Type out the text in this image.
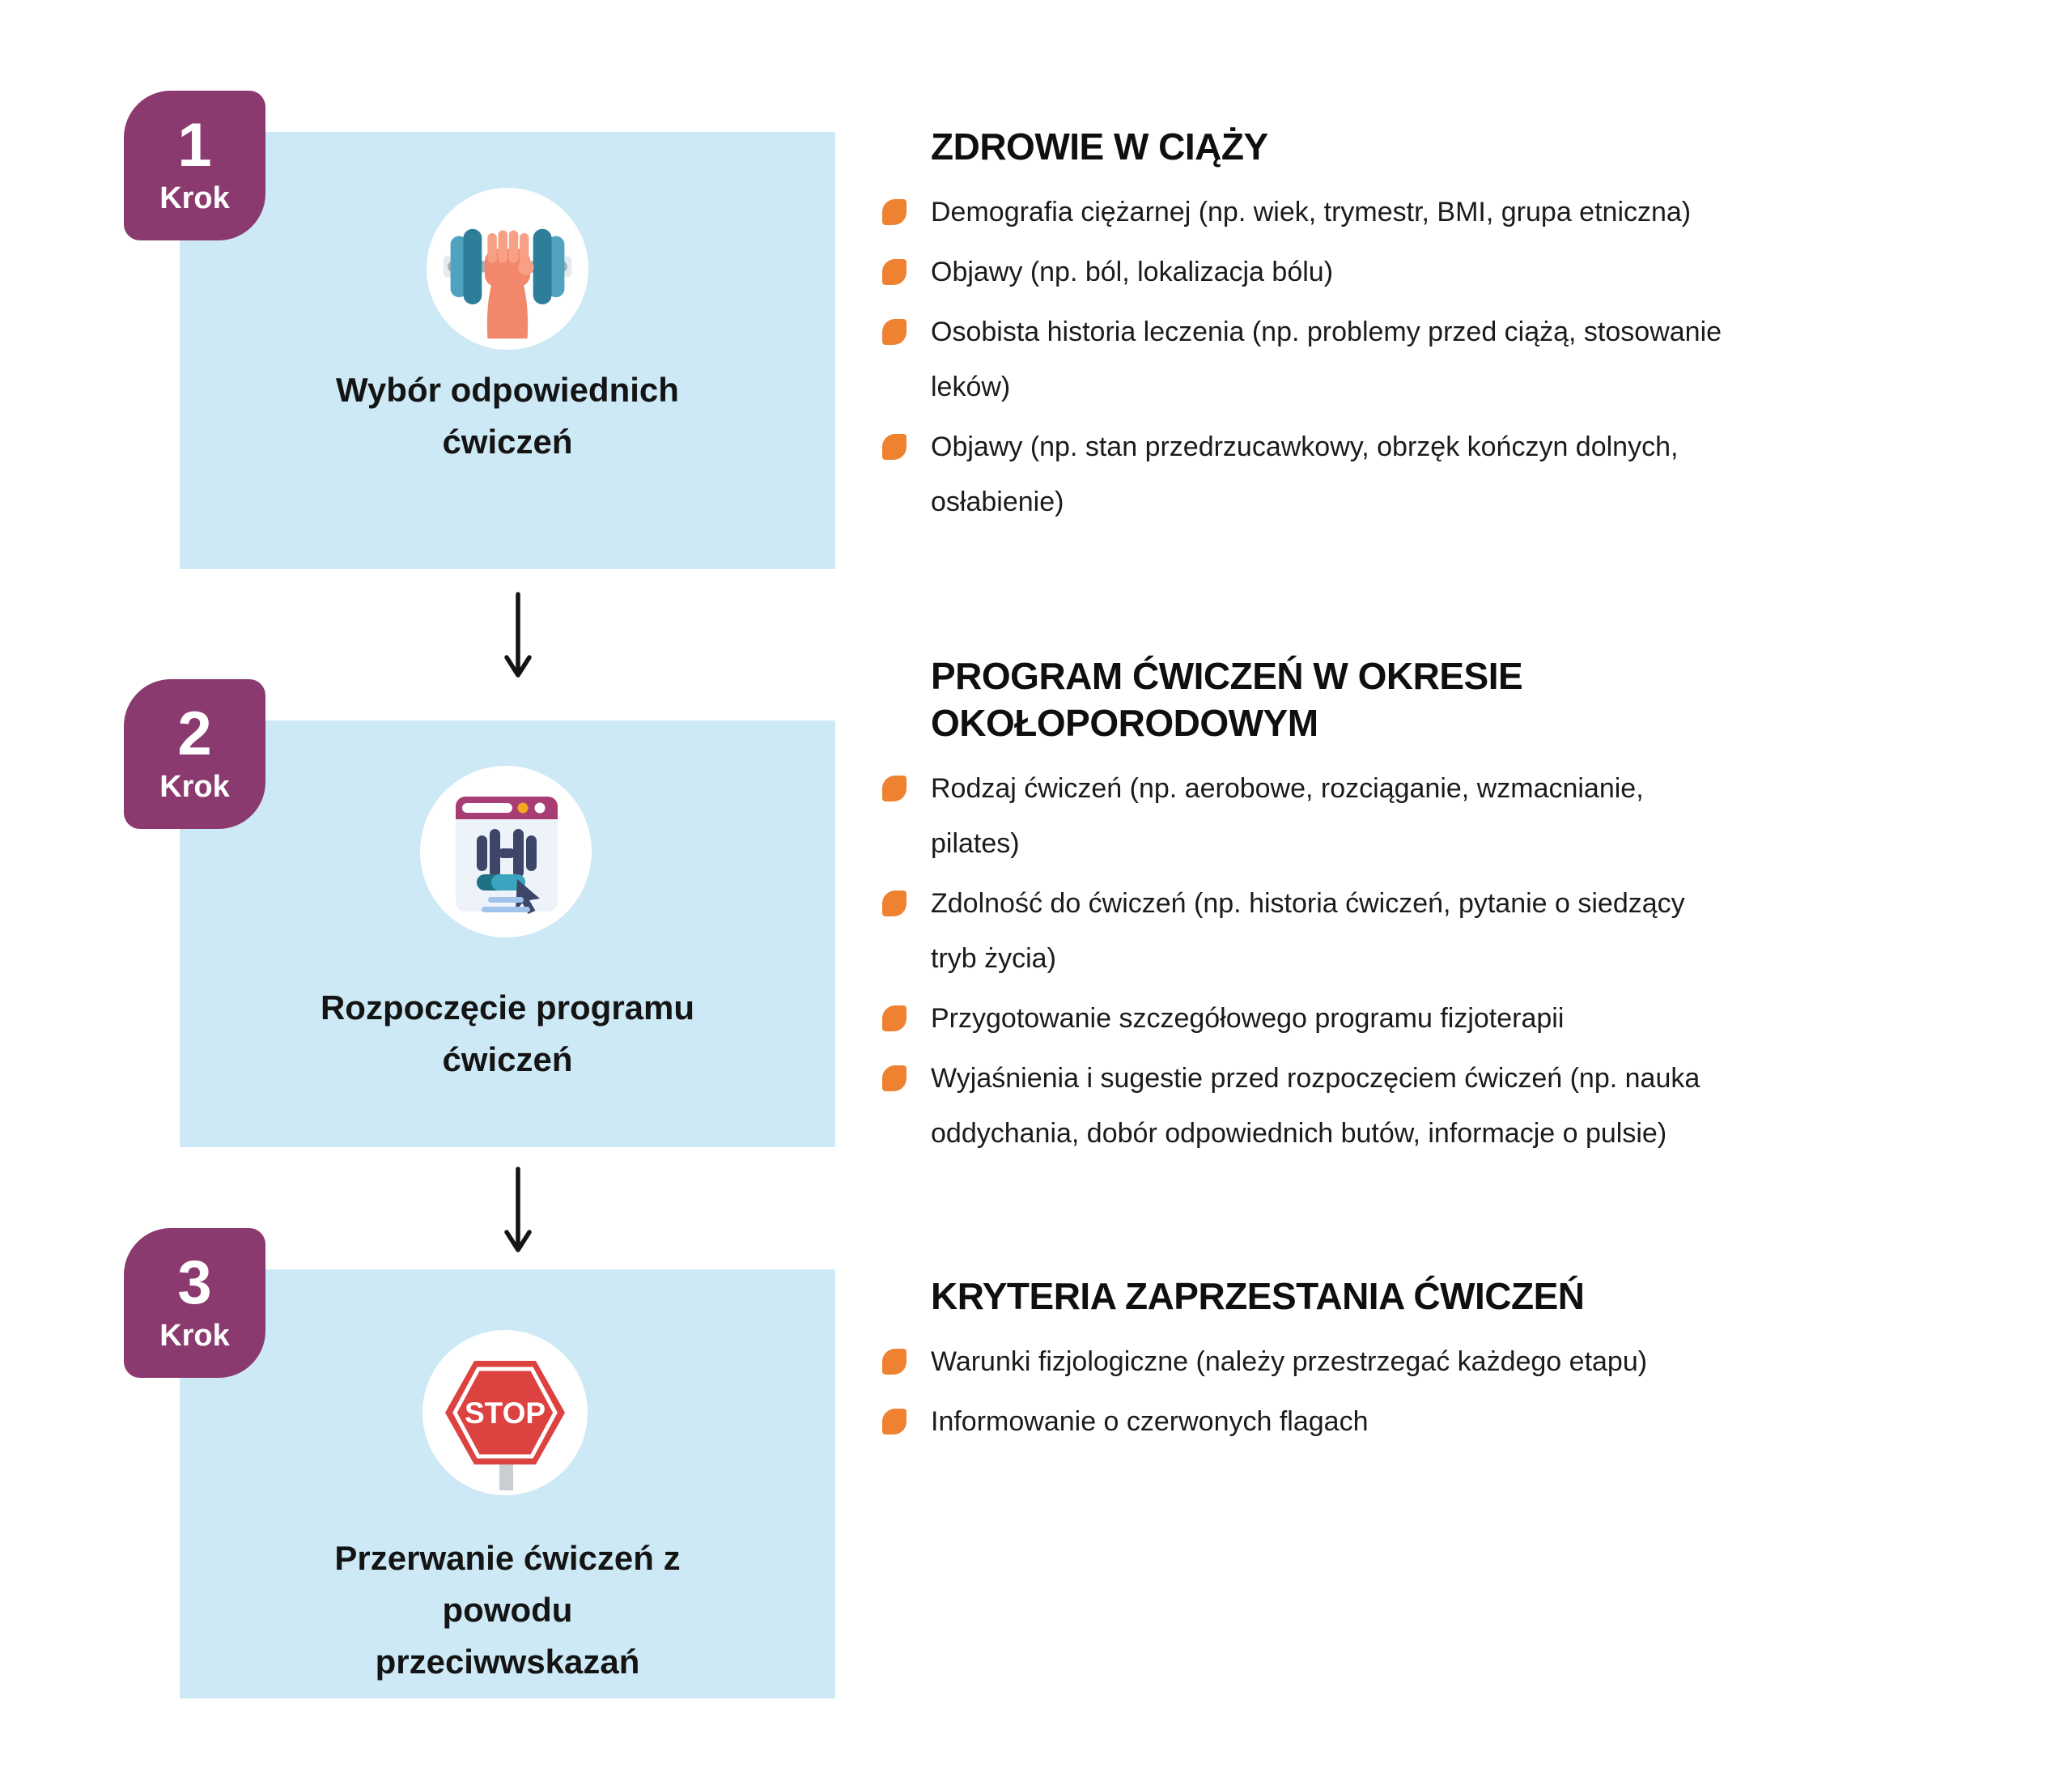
1
Krok
Wybór odpowiednich ćwiczeń
2
Krok
Rozpoczęcie programu ćwiczeń
3
Krok
STOP
Przerwanie ćwiczeń z powodu przeciwwskazań
ZDROWIE W CIĄŻY
Demografia ciężarnej (np. wiek, trymestr, BMI, grupa etniczna)
Objawy (np. ból, lokalizacja bólu)
Osobista historia leczenia (np. problemy przed ciążą, stosowanie leków)
Objawy (np. stan przedrzucawkowy, obrzęk kończyn dolnych, osłabienie)
PROGRAM ĆWICZEŃ W OKRESIE OKOŁOPORODOWYM
Rodzaj ćwiczeń (np. aerobowe, rozciąganie, wzmacnianie, pilates)
Zdolność do ćwiczeń (np. historia ćwiczeń, pytanie o siedzący tryb życia)
Przygotowanie szczegółowego programu fizjoterapii
Wyjaśnienia i sugestie przed rozpoczęciem ćwiczeń (np. nauka oddychania, dobór odpowiednich butów, informacje o pulsie)
KRYTERIA ZAPRZESTANIA ĆWICZEŃ
Warunki fizjologiczne (należy przestrzegać każdego etapu)
Informowanie o czerwonych flagach
